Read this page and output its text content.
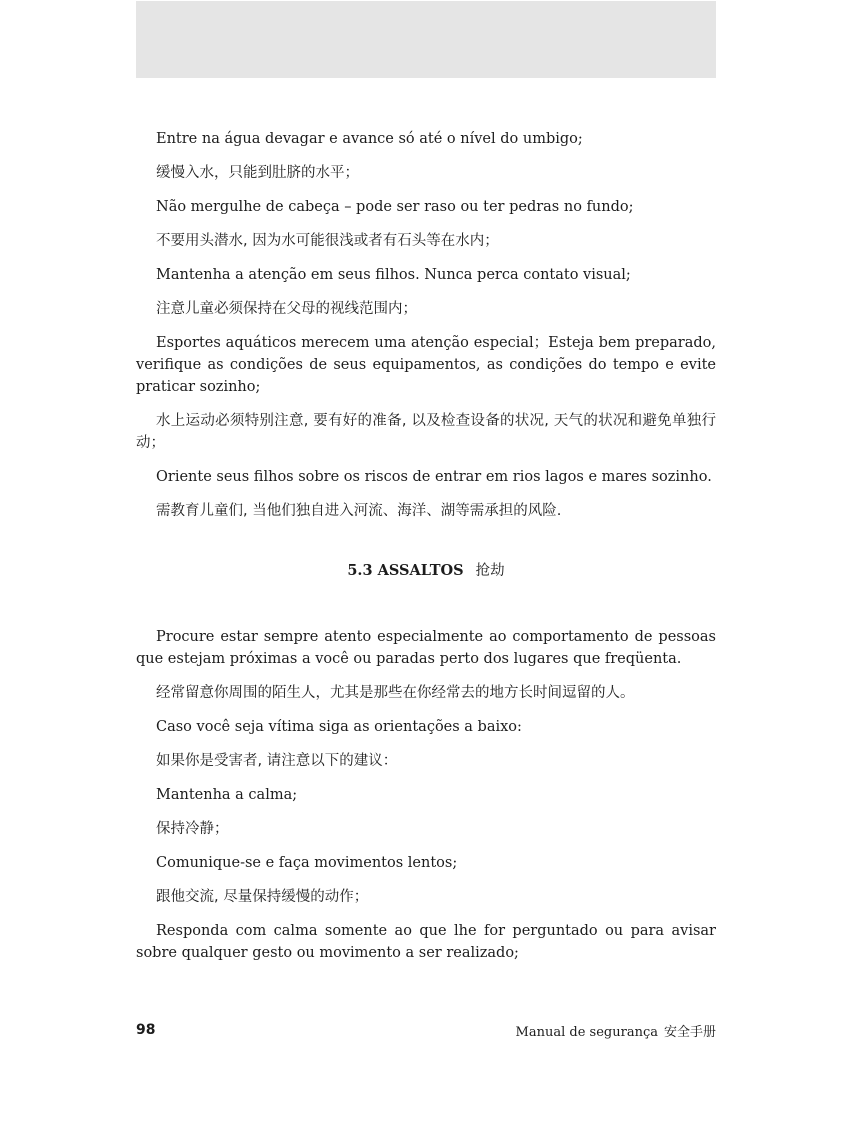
Entre na água devagar e avance só até o nível do umbigo;

缓慢入水，只能到肚脐的水平；

Não mergulhe de cabeça – pode ser raso ou ter pedras no fundo;

不要用头潜水, 因为水可能很浅或者有石头等在水内；

Mantenha a atenção em seus filhos. Nunca perca contato visual;

注意儿童必须保持在父母的视线范围内；

Esportes aquáticos merecem uma atenção especial；Esteja bem preparado, verifique as condições de seus equipamentos, as condições do tempo e evite praticar sozinho;

水上运动必须特别注意, 要有好的准备, 以及检查设备的状况, 天气的状况和避免单独行动；

Oriente seus filhos sobre os riscos de entrar em rios lagos e mares sozinho.

需教育儿童们, 当他们独自进入河流、海洋、湖等需承担的风险.

5.3 ASSALTOS 抢劫

Procure estar sempre atento especialmente ao comportamento de pessoas que estejam próximas a você ou paradas perto dos lugares que freqüenta.

经常留意你周围的陌生人，尤其是那些在你经常去的地方长时间逗留的人。

Caso você seja vítima siga as orientações a baixo:

如果你是受害者, 请注意以下的建议：

Mantenha a calma;

保持冷静；

Comunique-se e faça movimentos lentos;

跟他交流, 尽量保持缓慢的动作；

Responda com calma somente ao que lhe for perguntado ou para avisar sobre qualquer gesto ou movimento a ser realizado;

98	Manual de segurança 安全手册
